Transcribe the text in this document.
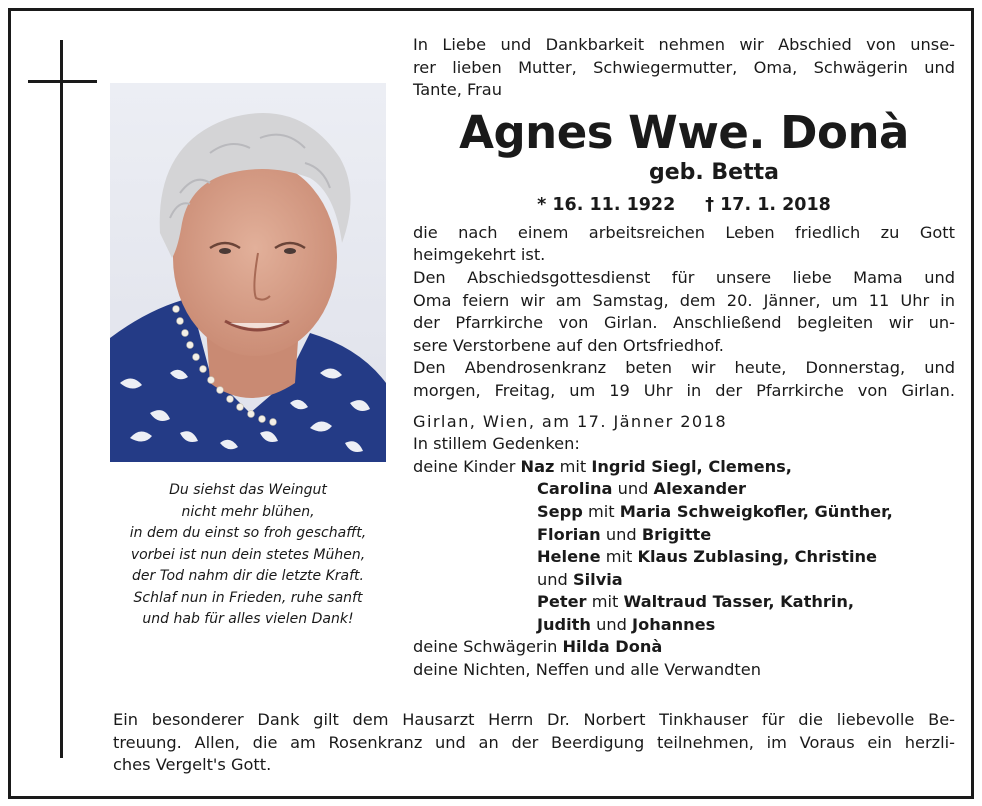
Du siehst das Weingut
nicht mehr blühen,
in dem du einst so froh geschafft,
vorbei ist nun dein stetes Mühen,
der Tod nahm dir die letzte Kraft.
Schlaf nun in Frieden, ruhe sanft
und hab für alles vielen Dank!
In Liebe und Dankbarkeit nehmen wir Abschied von unse-
rer lieben Mutter, Schwiegermutter, Oma, Schwägerin und
Tante, Frau
Agnes Wwe. Donà
geb. Betta
* 16. 11. 1922 † 17. 1. 2018
die nach einem arbeitsreichen Leben friedlich zu Gott
heimgekehrt ist.
Den Abschiedsgottesdienst für unsere liebe Mama und
Oma feiern wir am Samstag, dem 20. Jänner, um 11 Uhr in
der Pfarrkirche von Girlan. Anschließend begleiten wir un-
sere Verstorbene auf den Ortsfriedhof.
Den Abendrosenkranz beten wir heute, Donnerstag, und
morgen, Freitag, um 19 Uhr in der Pfarrkirche von Girlan.
Girlan, Wien, am 17. Jänner 2018
In stillem Gedenken:
deine Kinder Naz mit Ingrid Siegl, Clemens,
Carolina und Alexander
Sepp mit Maria Schweigkofler, Günther,
Florian und Brigitte
Helene mit Klaus Zublasing, Christine
und Silvia
Peter mit Waltraud Tasser, Kathrin,
Judith und Johannes
deine Schwägerin Hilda Donà
deine Nichten, Neffen und alle Verwandten
Ein besonderer Dank gilt dem Hausarzt Herrn Dr. Norbert Tinkhauser für die liebevolle Be-
treuung. Allen, die am Rosenkranz und an der Beerdigung teilnehmen, im Voraus ein herzli-
ches Vergelt's Gott.
